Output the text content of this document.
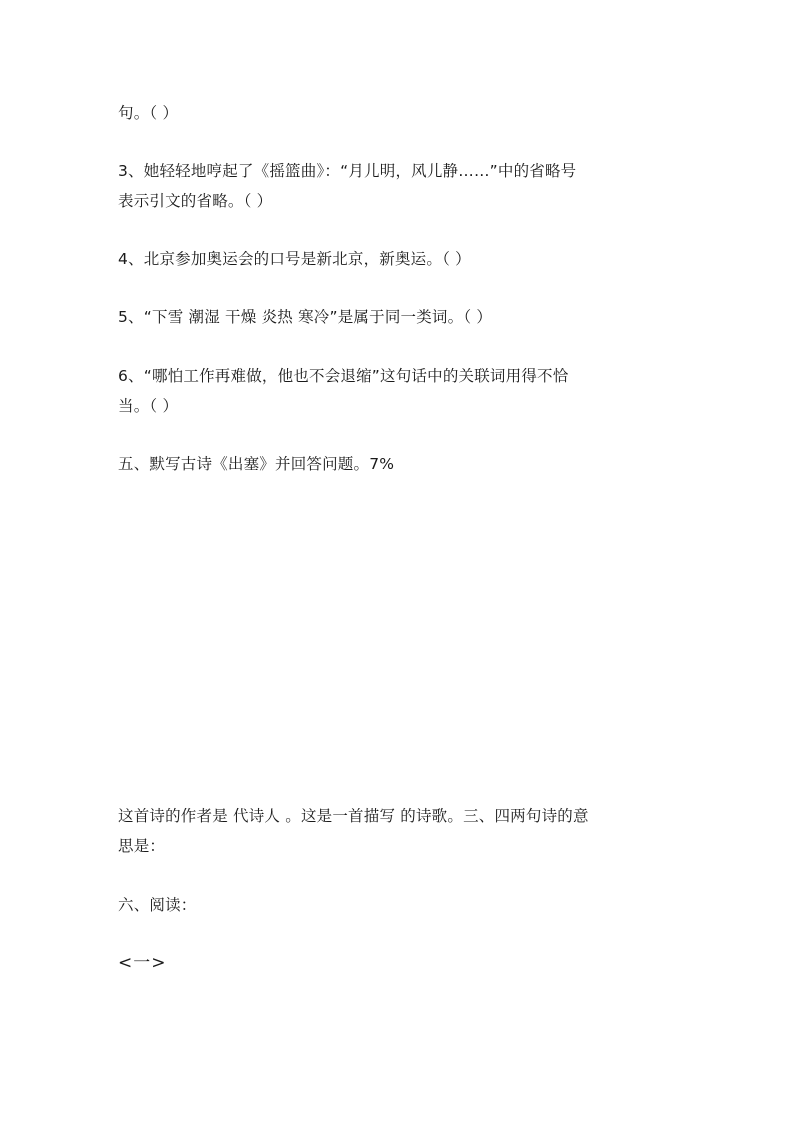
句。（ ）
3、她轻轻地哼起了《摇篮曲》：“月儿明，风儿静……”中的省略号
表示引文的省略。（ ）
4、北京参加奥运会的口号是新北京，新奥运。（ ）
5、“下雪 潮湿 干燥 炎热 寒冷”是属于同一类词。（ ）
6、“哪怕工作再难做，他也不会退缩”这句话中的关联词用得不恰
当。（ ）
五、默写古诗《出塞》并回答问题。7%
这首诗的作者是 代诗人 。这是一首描写 的诗歌。三、四两句诗的意
思是：
六、阅读：
<一>
